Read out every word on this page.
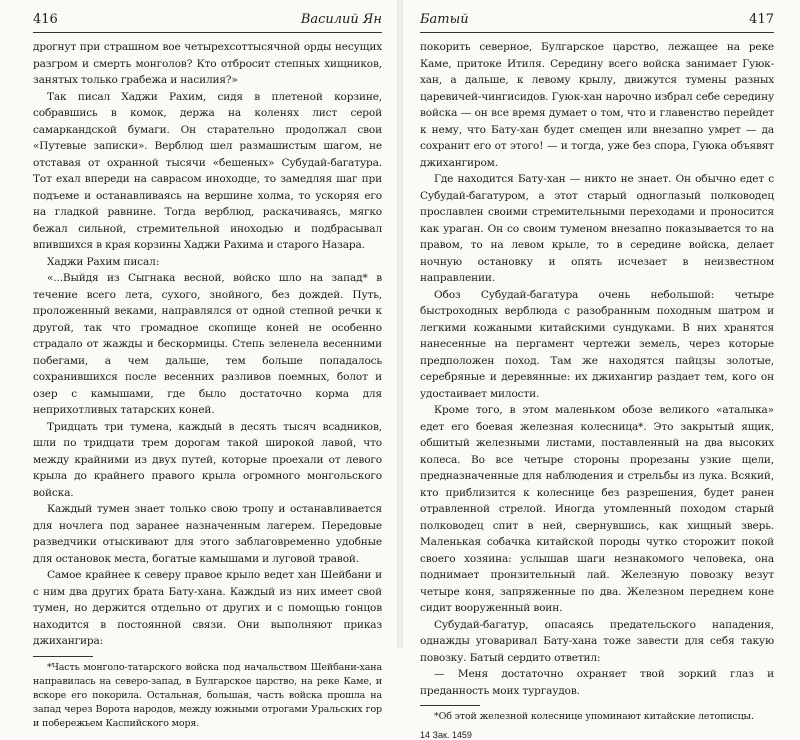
416	Василий Ян

дрогнут при страшном вое четырехсоттысячной орды несущих разгром и смерть монголов? Кто отбросит степных хищников, занятых только грабежа и насилия?»

Так писал Хаджи Рахим, сидя в плетеной корзине, собравшись в комок, держа на коленях лист серой самаркандской бумаги. Он старательно продолжал свои «Путевые записки». Верблюд шел размашистым шагом, не отставая от охранной тысячи «бешеных» Субудай-багатура. Тот ехал впереди на саврасом иноходце, то замедляя шаг при подъеме и останавливаясь на вершине холма, то ускоряя его на гладкой равнине. Тогда верблюд, раскачиваясь, мягко бежал сильной, стремительной иноходью и подбрасывал впившихся в края корзины Хаджи Рахима и старого Назара.

Хаджи Рахим писал:

«...Выйдя из Сыгнака весной, войско шло на запад* в течение всего лета, сухого, знойного, без дождей. Путь, проложенный веками, направлялся от одной степной речки к другой, так что громадное скопище коней не особенно страдало от жажды и бескормицы. Степь зеленела весенними побегами, а чем дальше, тем больше попадалось сохранившихся после весенних разливов поемных, болот и озер с камышами, где было достаточно корма для неприхотливых татарских коней.

Тридцать три тумена, каждый в десять тысяч всадников, шли по тридцати трем дорогам такой широкой лавой, что между крайними из двух путей, которые проехали от левого крыла до крайнего правого крыла огромного монгольского войска.

Каждый тумен знает только свою тропу и останавливается для ночлега под заранее назначенным лагерем. Передовые разведчики отыскивают для этого заблаговременно удобные для остановок места, богатые камышами и луговой травой.

Самое крайнее к северу правое крыло ведет хан Шейбани и с ним два других брата Бату-хана. Каждый из них имеет свой тумен, но держится отдельно от других и с помощью гонцов находится в постоянной связи. Они выполняют приказ джихангира:

*Часть монголо-татарского войска под начальством Шейбани-хана направилась на северо-запад, в Булгарское царство, на реке Каме, и вскоре его покорила. Остальная, большая, часть войска прошла на запад через Ворота народов, между южными отрогами Уральских гор и побережьем Каспийского моря.

Батый	417

покорить северное, Булгарское царство, лежащее на реке Каме, притоке Итиля. Середину всего войска занимает Гуюк-хан, а дальше, к левому крылу, движутся тумены разных царевичей-чингисидов. Гуюк-хан нарочно избрал себе середину войска — он все время думает о том, что и главенство перейдет к нему, что Бату-хан будет смещен или внезапно умрет — да сохранит его от этого! — и тогда, уже без спора, Гуюка объявят джихангиром.

Где находится Бату-хан — никто не знает. Он обычно едет с Субудай-багатуром, а этот старый одноглазый полководец прославлен своими стремительными переходами и проносится как ураган. Он со своим туменом внезапно показывается то на правом, то на левом крыле, то в середине войска, делает ночную остановку и опять исчезает в неизвестном направлении.

Обоз Субудай-багатура очень небольшой: четыре быстроходных верблюда с разобранным походным шатром и легкими кожаными китайскими сундуками. В них хранятся нанесенные на пергамент чертежи земель, через которые предположен поход. Там же находятся пайцзы золотые, серебряные и деревянные: их джихангир раздает тем, кого он удостаивает милости.

Кроме того, в этом маленьком обозе великого «аталыка» едет его боевая железная колесница*. Это закрытый ящик, обшитый железными листами, поставленный на два высоких колеса. Во все четыре стороны прорезаны узкие щели, предназначенные для наблюдения и стрельбы из лука. Всякий, кто приблизится к колеснице без разрешения, будет ранен отравленной стрелой. Иногда утомленный походом старый полководец спит в ней, свернувшись, как хищный зверь. Маленькая собачка китайской породы чутко сторожит покой своего хозяина: услышав шаги незнакомого человека, она поднимает пронзительный лай. Железную повозку везут четыре коня, запряженные по два. Железном переднем коне сидит вооруженный воин.

Субудай-багатур, опасаясь предательского нападения, однажды уговаривал Бату-хана тоже завести для себя такую повозку. Батый сердито ответил:

— Меня достаточно охраняет твой зоркий глаз и преданность моих тургаудов.

*Об этой железной колеснице упоминают китайские летописцы.

14 Зак. 1459
